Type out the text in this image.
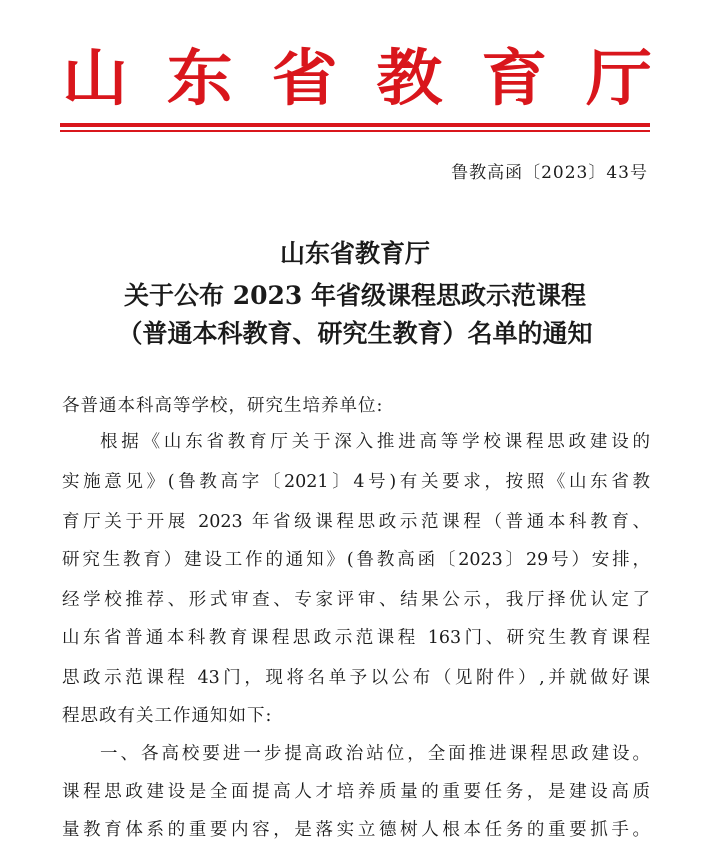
山 东 省 教 育 厅
鲁教高函〔2023〕43号
山东省教育厅
关于公布 2023 年省级课程思政示范课程
（普通本科教育、研究生教育）名单的通知
各普通本科高等学校，研究生培养单位:
根据《山东省教育厅关于深入推进高等学校课程思政建设的
实施意见》(鲁教高字〔2021〕4号)有关要求，按照《山东省教
育厅关于开展 2023 年省级课程思政示范课程（普通本科教育、
研究生教育）建设工作的通知》(鲁教高函〔2023〕29号）安排，
经学校推荐、形式审查、专家评审、结果公示，我厅择优认定了
山东省普通本科教育课程思政示范课程 163门、研究生教育课程
思政示范课程 43门，现将名单予以公布（见附件）,并就做好课
程思政有关工作通知如下:
一、各高校要进一步提高政治站位，全面推进课程思政建设。
课程思政建设是全面提高人才培养质量的重要任务，是建设高质
量教育体系的重要内容，是落实立德树人根本任务的重要抓手。
